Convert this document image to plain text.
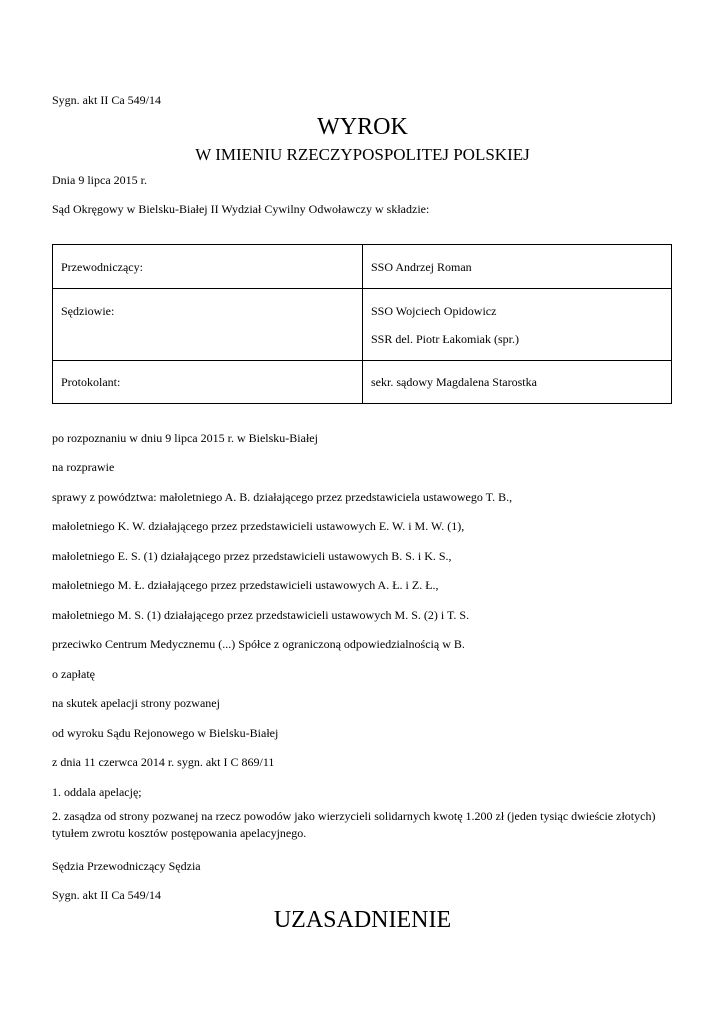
Sygn. akt II Ca 549/14
WYROK
W IMIENIU RZECZYPOSPOLITEJ POLSKIEJ
Dnia 9 lipca 2015 r.
Sąd Okręgowy w Bielsku-Białej II Wydział Cywilny Odwoławczy w składzie:
Przewodniczący:	SSO Andrzej Roman

Sędziowie:	SSO Wojciech Opidowicz
SSR del. Piotr Łakomiak (spr.)

Protokolant:	sekr. sądowy Magdalena Starostka
po rozpoznaniu w dniu 9 lipca 2015 r. w Bielsku-Białej
na rozprawie
sprawy z powództwa: małoletniego A. B. działającego przez przedstawiciela ustawowego T. B.,
małoletniego K. W. działającego przez przedstawicieli ustawowych E. W. i M. W. (1),
małoletniego E. S. (1) działającego przez przedstawicieli ustawowych B. S. i K. S.,
małoletniego M. Ł. działającego przez przedstawicieli ustawowych A. Ł. i Z. Ł.,
małoletniego M. S. (1) działającego przez przedstawicieli ustawowych M. S. (2) i T. S.
przeciwko Centrum Medycznemu (...) Spółce z ograniczoną odpowiedzialnością w B.
o zapłatę
na skutek apelacji strony pozwanej
od wyroku Sądu Rejonowego w Bielsku-Białej
z dnia 11 czerwca 2014 r. sygn. akt I C 869/11
1. oddala apelację;
2. zasądza od strony pozwanej na rzecz powodów jako wierzycieli solidarnych kwotę 1.200 zł (jeden tysiąc dwieście złotych) tytułem zwrotu kosztów postępowania apelacyjnego.
Sędzia Przewodniczący Sędzia
Sygn. akt II Ca 549/14
UZASADNIENIE
